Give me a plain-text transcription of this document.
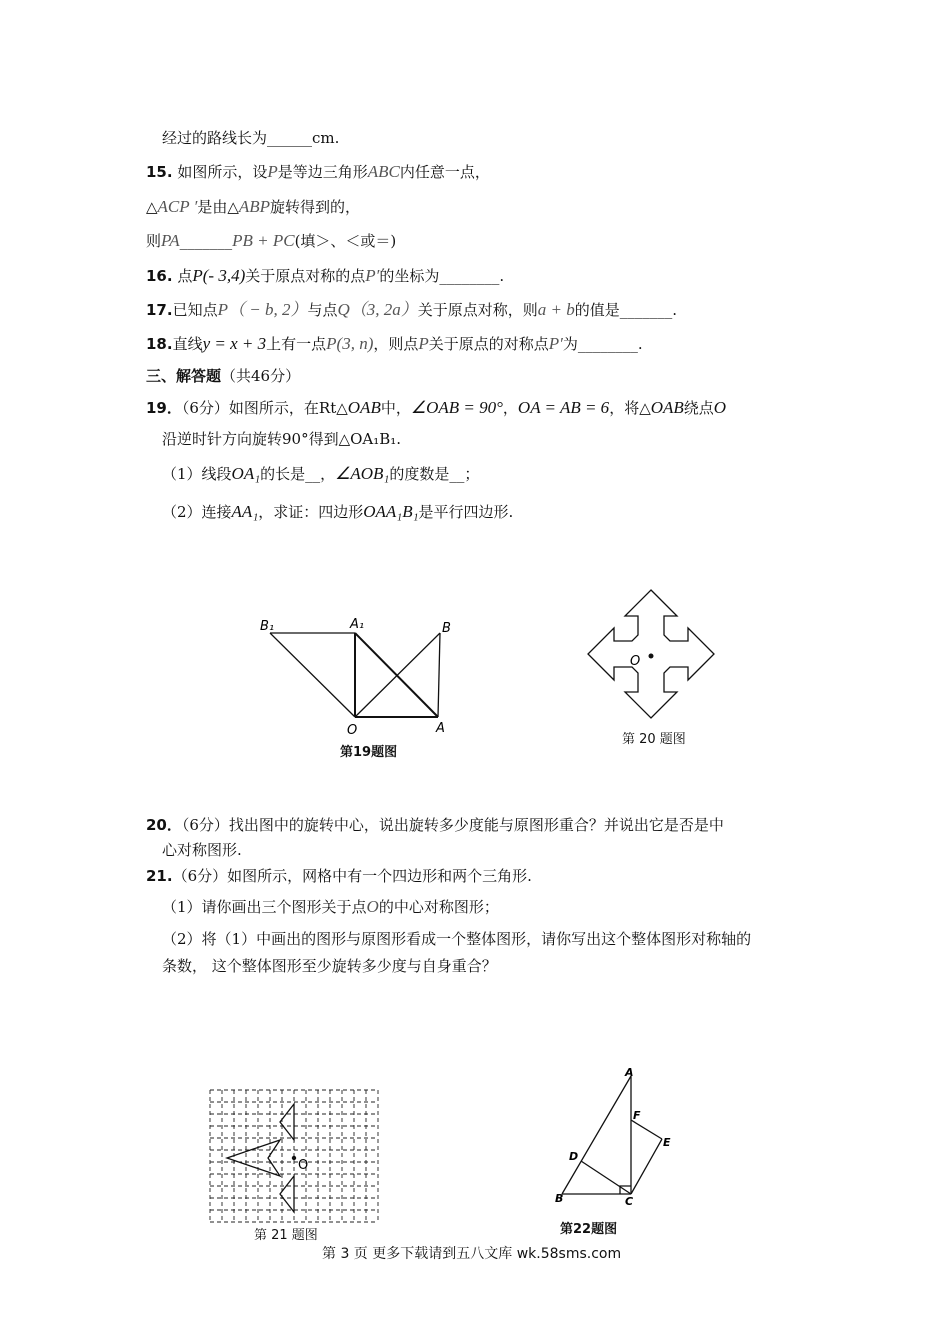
经过的路线长为______cm.
15. 如图所示，设P是等边三角形ABC内任意一点，
△ACP ′是由△ABP旋转得到的，
则PA_______PB + PC(填＞、＜或＝)
16. 点P(- 3,4)关于原点对称的点P′的坐标为________.
17.已知点P（ − b, 2）与点Q（3, 2a）关于原点对称，则a + b的值是_______.
18.直线y = x + 3上有一点P(3, n)，则点P关于原点的对称点P′为________.
三、解答题（共46分）
19．（6分）如图所示，在Rt△OAB中，∠OAB = 90°，OA = AB = 6，将△OAB绕点O
沿逆时针方向旋转90°得到△OA₁B₁.
（1）线段OA₁的长是__，∠AOB₁的度数是__；
（2）连接AA₁，求证：四边形OAA₁B₁是平行四边形.
B₁	A₁	B
O	A
第19题图
O
第 20 题图
20．（6分）找出图中的旋转中心，说出旋转多少度能与原图形重合？并说出它是否是中
心对称图形.
21.（6分）如图所示，网格中有一个四边形和两个三角形.
（1）请你画出三个图形关于点O的中心对称图形；
（2）将（1）中画出的图形与原图形看成一个整体图形，请你写出这个整体图形对称轴的
条数， 这个整体图形至少旋转多少度与自身重合？
O
第 21 题图
A
F
E
D
B	C
第22题图
第 3 页 更多下载请到五八文库 wk.58sms.com
